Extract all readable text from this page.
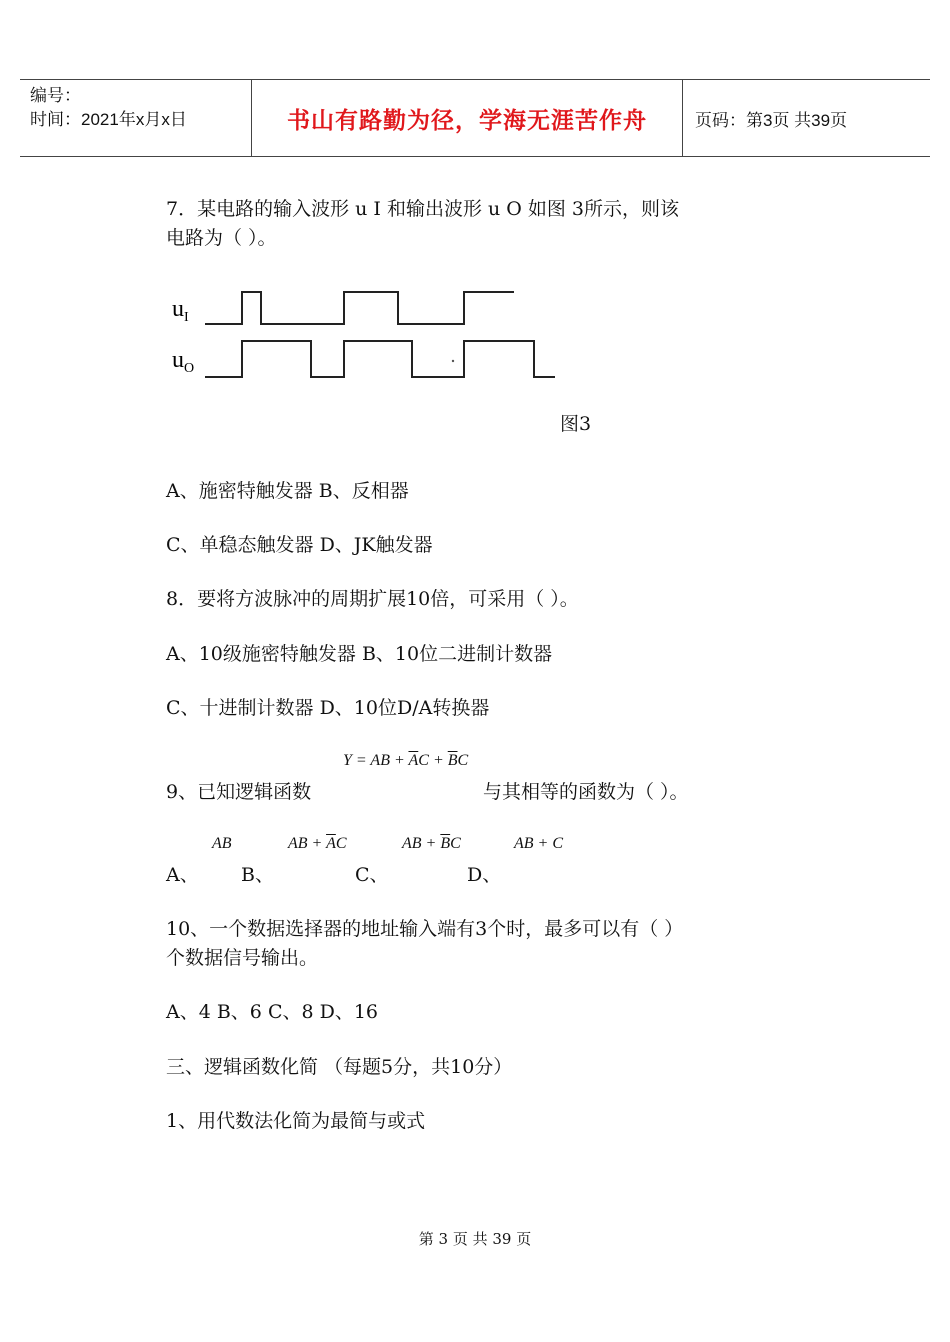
编号：
时间：2021年x月x日	书山有路勤为径，学海无涯苦作舟	页码：第3页 共39页
7．某电路的输入波形 u I 和输出波形 u O 如图 3所示，则该
电路为（ ）。
$u_I$
$u_O$
图3
A、施密特触发器 B、反相器
C、单稳态触发器 D、JK触发器
8．要将方波脉冲的周期扩展10倍，可采用（ ）。
A、10级施密特触发器 B、10位二进制计数器
C、十进制计数器 D、10位D/A转换器
Y = AB + $\overline{A}C + \overline{B}C$
9、已知逻辑函数	与其相等的函数为（ ）。
AB	AB + $\overline{A}C$	AB + $\overline{B}C$	AB + C
A、 B、	C、	D、
10、一个数据选择器的地址输入端有3个时，最多可以有（ ）
个数据信号输出。
A、4 B、6 C、8 D、16
三、逻辑函数化简 （每题5分，共10分）
1、用代数法化简为最简与或式
第 3 页 共 39 页
